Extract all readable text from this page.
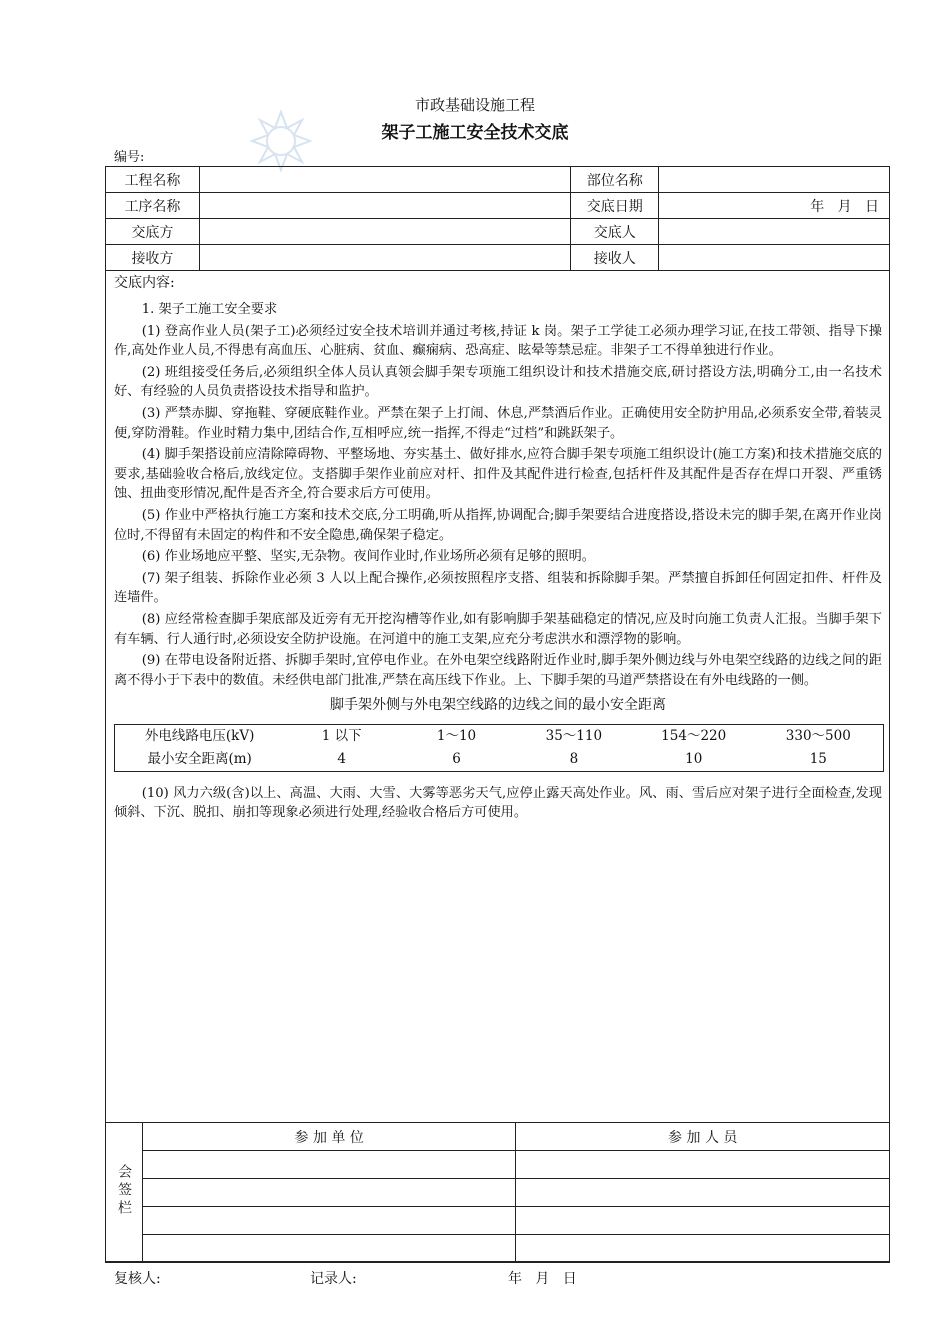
市政基础设施工程
架子工施工安全技术交底
编号:
工程名称		部位名称	
工序名称		交底日期	年   月   日
交底方		交底人	
接收方		接收人	
交底内容:

1. 架子工施工安全要求

(1) 登高作业人员(架子工)必须经过安全技术培训并通过考核,持证 k 岗。架子工学徒工必须办理学习证,在技工带领、指导下操作,高处作业人员,不得患有高血压、心脏病、贫血、癫痫病、恐高症、眩晕等禁忌症。非架子工不得单独进行作业。

(2) 班组接受任务后,必须组织全体人员认真领会脚手架专项施工组织设计和技术措施交底,研讨搭设方法,明确分工,由一名技术好、有经验的人员负责搭设技术指导和监护。

(3) 严禁赤脚、穿拖鞋、穿硬底鞋作业。严禁在架子上打闹、休息,严禁酒后作业。正确使用安全防护用品,必须系安全带,着装灵便,穿防滑鞋。作业时精力集中,团结合作,互相呼应,统一指挥,不得走“过档”和跳跃架子。

(4) 脚手架搭设前应清除障碍物、平整场地、夯实基土、做好排水,应符合脚手架专项施工组织设计(施工方案)和技术措施交底的要求,基础验收合格后,放线定位。支搭脚手架作业前应对杆、扣件及其配件进行检查,包括杆件及其配件是否存在焊口开裂、严重锈蚀、扭曲变形情况,配件是否齐全,符合要求后方可使用。

(5) 作业中严格执行施工方案和技术交底,分工明确,听从指挥,协调配合;脚手架要结合进度搭设,搭设未完的脚手架,在离开作业岗位时,不得留有未固定的构件和不安全隐患,确保架子稳定。

(6) 作业场地应平整、坚实,无杂物。夜间作业时,作业场所必须有足够的照明。

(7) 架子组装、拆除作业必须 3 人以上配合操作,必须按照程序支搭、组装和拆除脚手架。严禁擅自拆卸任何固定扣件、杆件及连墙件。

(8) 应经常检查脚手架底部及近旁有无开挖沟槽等作业,如有影响脚手架基础稳定的情况,应及时向施工负责人汇报。当脚手架下有车辆、行人通行时,必须设安全防护设施。在河道中的施工支架,应充分考虑洪水和漂浮物的影响。

(9) 在带电设备附近搭、拆脚手架时,宜停电作业。在外电架空线路附近作业时,脚手架外侧边线与外电架空线路的边线之间的距离不得小于下表中的数值。未经供电部门批准,严禁在高压线下作业。上、下脚手架的马道严禁搭设在有外电线路的一侧。

脚手架外侧与外电架空线路的边线之间的最小安全距离
外电线路电压(kV)	1 以下	1～10	35～110	154～220	330～500
最小安全距离(m)	4	6	8	10	15

(10) 风力六级(含)以上、高温、大雨、大雪、大雾等恶劣天气,应停止露天高处作业。风、雨、雪后应对架子进行全面检查,发现倾斜、下沉、脱扣、崩扣等现象必须进行处理,经验收合格后方可使用。

会签栏	参 加 单 位	参 加 人 员

复核人:	记录人:	年   月   日
